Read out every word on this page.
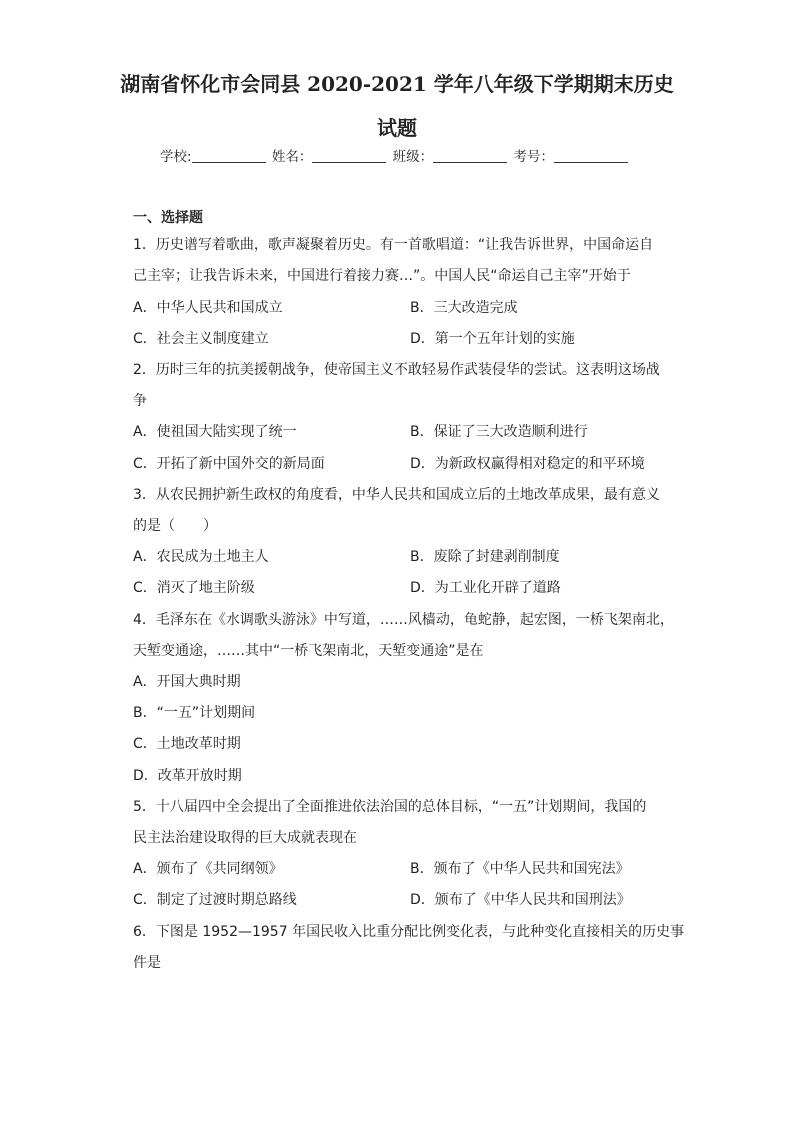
湖南省怀化市会同县 2020-2021 学年八年级下学期期末历史
试题
学校:	姓名：	班级：	考号：
一、选择题
1．历史谱写着歌曲，歌声凝聚着历史。有一首歌唱道：“让我告诉世界，中国命运自
己主宰；让我告诉未来，中国进行着接力赛…”。中国人民“命运自己主宰”开始于
A．中华人民共和国成立	B．三大改造完成
C．社会主义制度建立	D．第一个五年计划的实施
2．历时三年的抗美援朝战争，使帝国主义不敢轻易作武装侵华的尝试。这表明这场战
争
A．使祖国大陆实现了统一	B．保证了三大改造顺利进行
C．开拓了新中国外交的新局面	D．为新政权赢得相对稳定的和平环境
3．从农民拥护新生政权的角度看，中华人民共和国成立后的土地改革成果，最有意义
的是（　　）
A．农民成为土地主人	B．废除了封建剥削制度
C．消灭了地主阶级	D．为工业化开辟了道路
4．毛泽东在《水调歌头游泳》中写道，……风樯动，龟蛇静，起宏图，一桥飞架南北，
天堑变通途，……其中“一桥飞架南北，天堑变通途”是在
A．开国大典时期
B．“一五”计划期间
C．土地改革时期
D．改革开放时期
5．十八届四中全会提出了全面推进依法治国的总体目标，“一五”计划期间，我国的
民主法治建设取得的巨大成就表现在
A．颁布了《共同纲领》	B．颁布了《中华人民共和国宪法》
C．制定了过渡时期总路线	D．颁布了《中华人民共和国刑法》
6．下图是 1952—1957 年国民收入比重分配比例变化表，与此种变化直接相关的历史事
件是
